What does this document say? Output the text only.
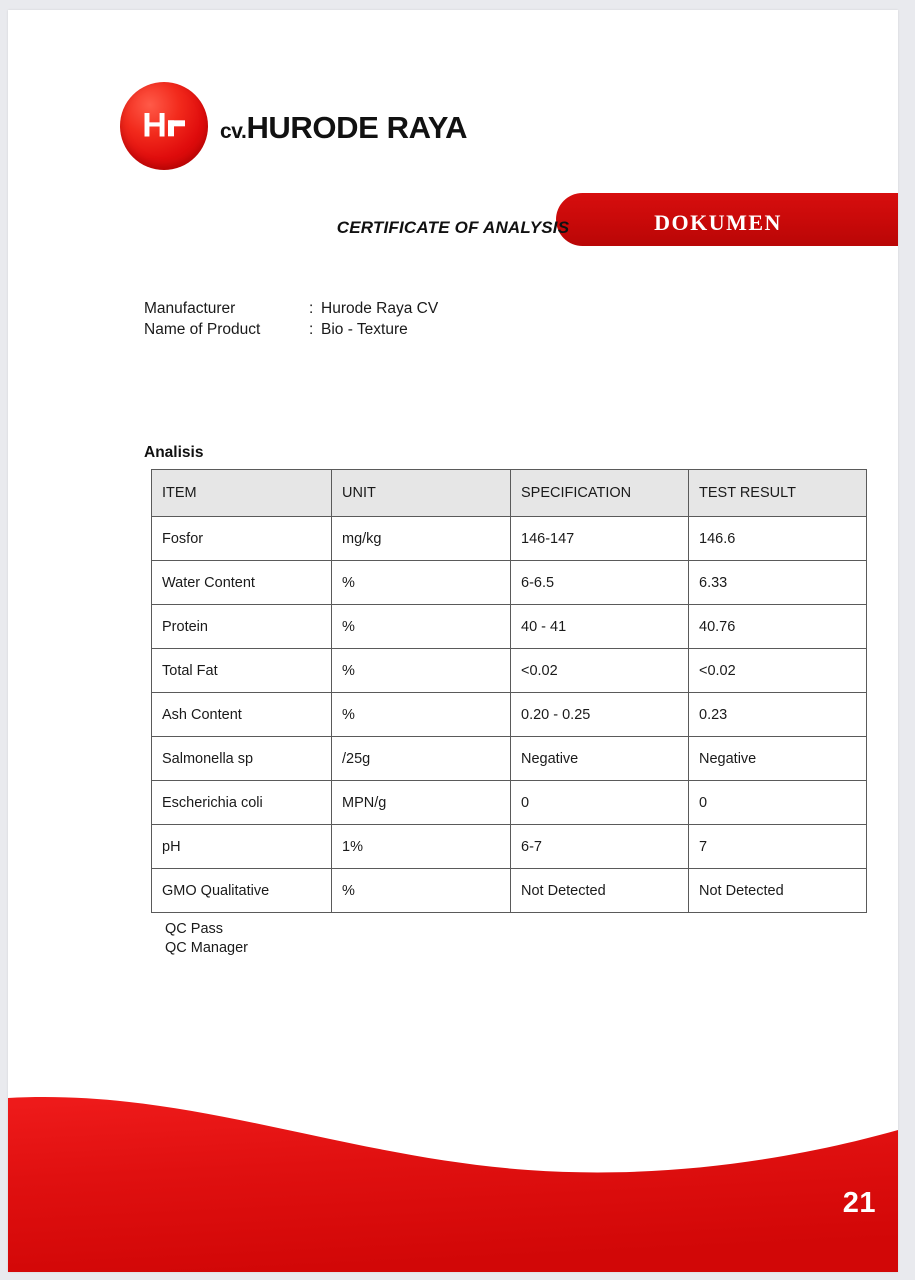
H	cv.HURODE RAYA
dokumen
CERTIFICATE OF ANALYSIS
Manufacturer	: Hurode Raya CV
Name of Product	: Bio - Texture
Analisis
ITEM	UNIT	SPECIFICATION	TEST RESULT
Fosfor	mg/kg	146-147	146.6
Water Content	%	6-6.5	6.33
Protein	%	40 - 41	40.76
Total Fat	%	<0.02	<0.02
Ash Content	%	0.20 - 0.25	0.23
Salmonella sp	/25g	Negative	Negative
Escherichia coli	MPN/g	0	0
pH	1%	6-7	7
GMO Qualitative	%	Not Detected	Not Detected
QC Pass
QC Manager
21
